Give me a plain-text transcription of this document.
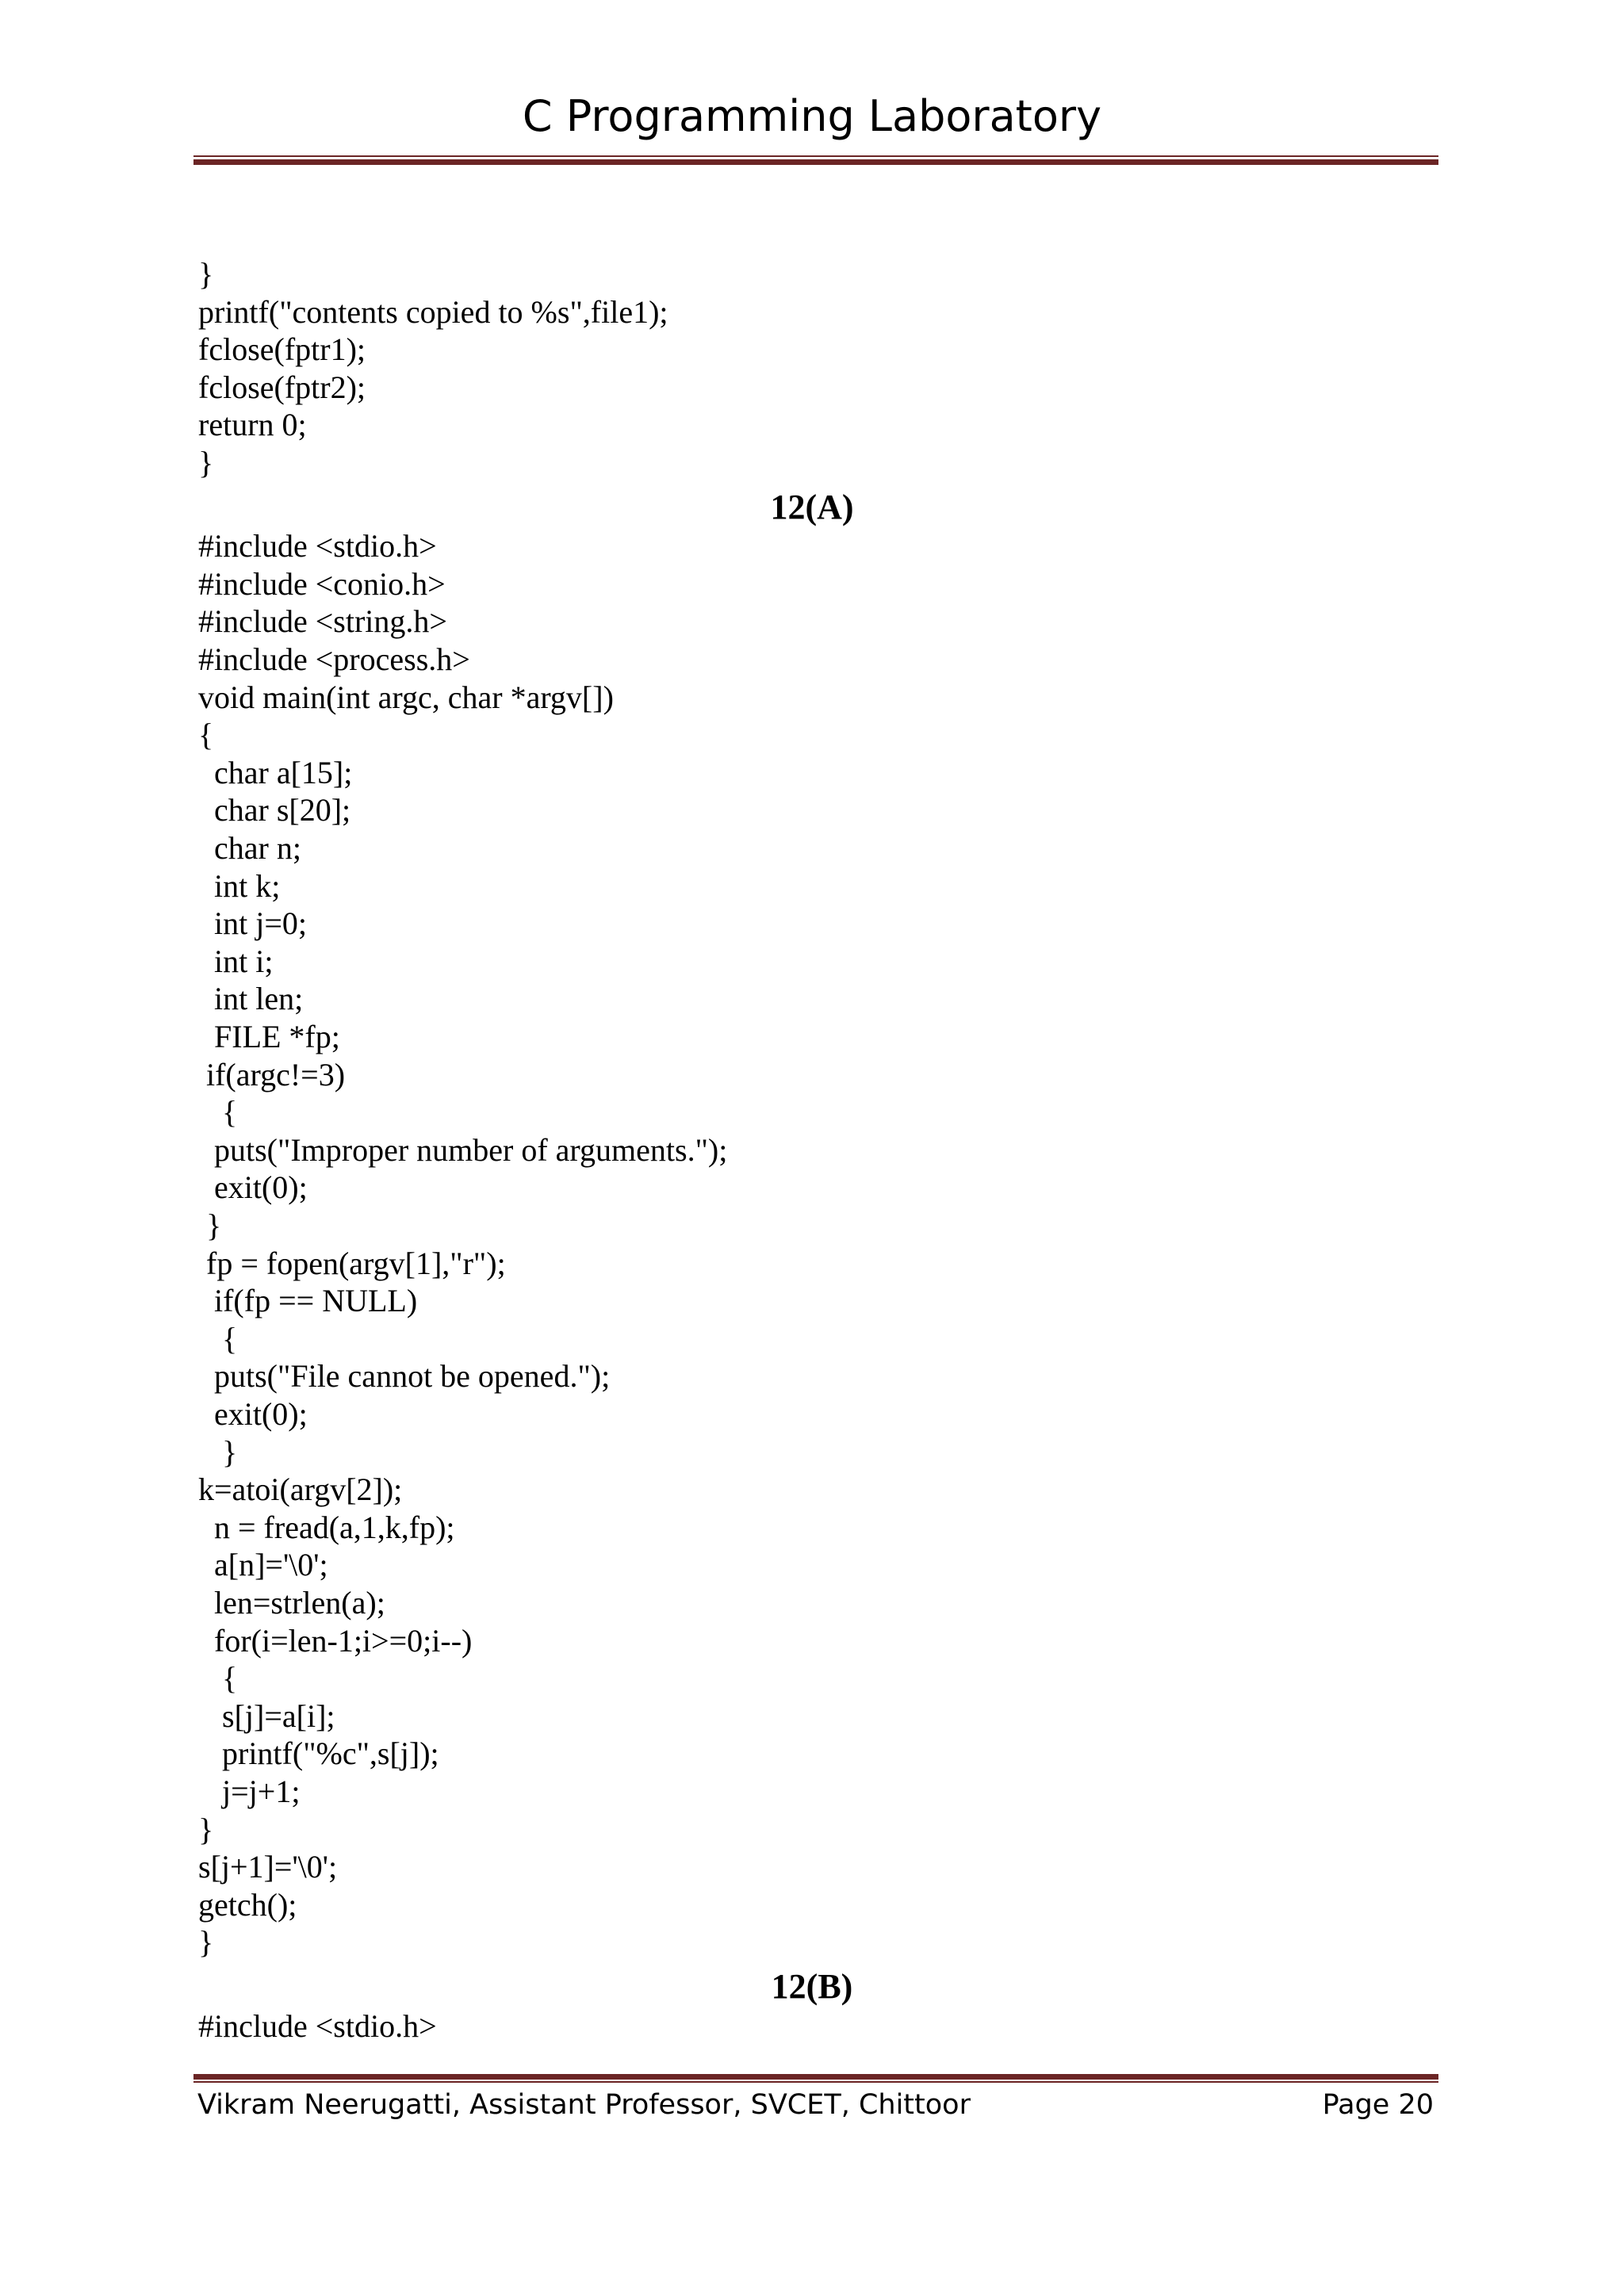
C Programming Laboratory
}
printf("contents copied to %s",file1);
fclose(fptr1);
fclose(fptr2);
return 0;
}
12(A)
#include <stdio.h>
#include <conio.h>
#include <string.h>
#include <process.h>
void main(int argc, char *argv[])
{
char a[15];
char s[20];
char n;
int k;
int j=0;
int i;
int len;
FILE *fp;
if(argc!=3)
{
puts("Improper number of arguments.");
exit(0);
}
fp = fopen(argv[1],"r");
if(fp == NULL)
{
puts("File cannot be opened.");
exit(0);
}
k=atoi(argv[2]);
n = fread(a,1,k,fp);
a[n]='\0';
len=strlen(a);
for(i=len-1;i>=0;i--)
{
s[j]=a[i];
printf("%c",s[j]);
j=j+1;
}
s[j+1]='\0';
getch();
}
12(B)
#include <stdio.h>
Vikram Neerugatti, Assistant Professor, SVCET, Chittoor	Page 20
